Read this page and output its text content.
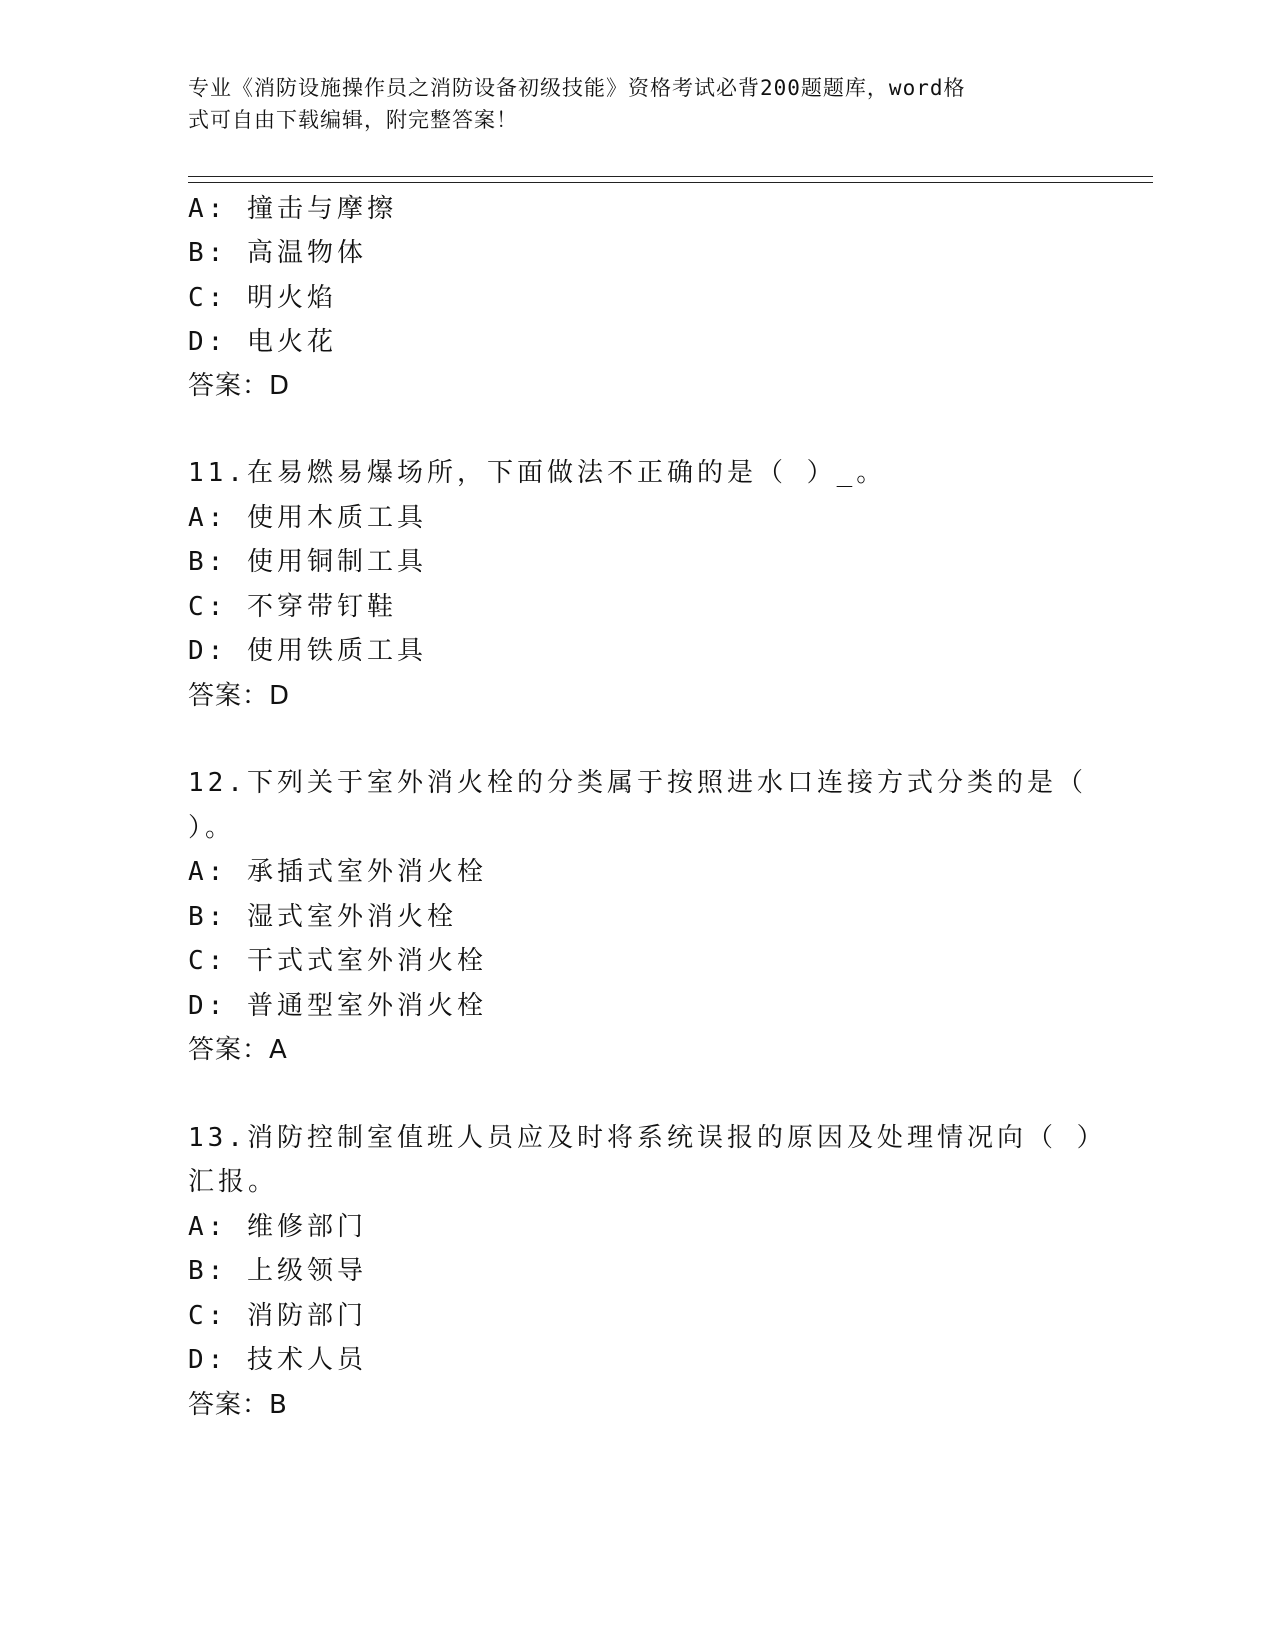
专业《消防设施操作员之消防设备初级技能》资格考试必背200题题库，word格
式可自由下载编辑，附完整答案！
A: 撞击与摩擦
B: 高温物体
C: 明火焰
D: 电火花
答案：D
11.在易燃易爆场所，下面做法不正确的是（ ）_。
A: 使用木质工具
B: 使用铜制工具
C: 不穿带钉鞋
D: 使用铁质工具
答案：D
12.下列关于室外消火栓的分类属于按照进水口连接方式分类的是（
）。
A: 承插式室外消火栓
B: 湿式室外消火栓
C: 干式式室外消火栓
D: 普通型室外消火栓
答案：A
13.消防控制室值班人员应及时将系统误报的原因及处理情况向（ ）
汇报。
A: 维修部门
B: 上级领导
C: 消防部门
D: 技术人员
答案：B
